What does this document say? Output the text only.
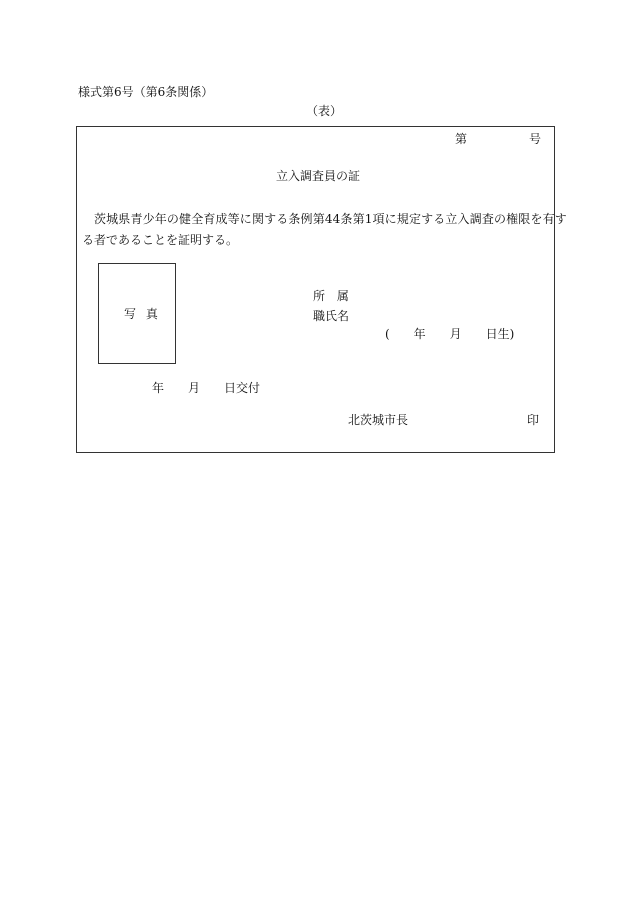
様式第6号（第6条関係）
（表）
第	号
立入調査員の証
茨城県青少年の健全育成等に関する条例第44条第1項に規定する立入調査の権限を有す
る者であることを証明する。
写 真
所 属
職氏名
(　　年　　月　　日生)
年　　月　　日交付
北茨城市長	印
